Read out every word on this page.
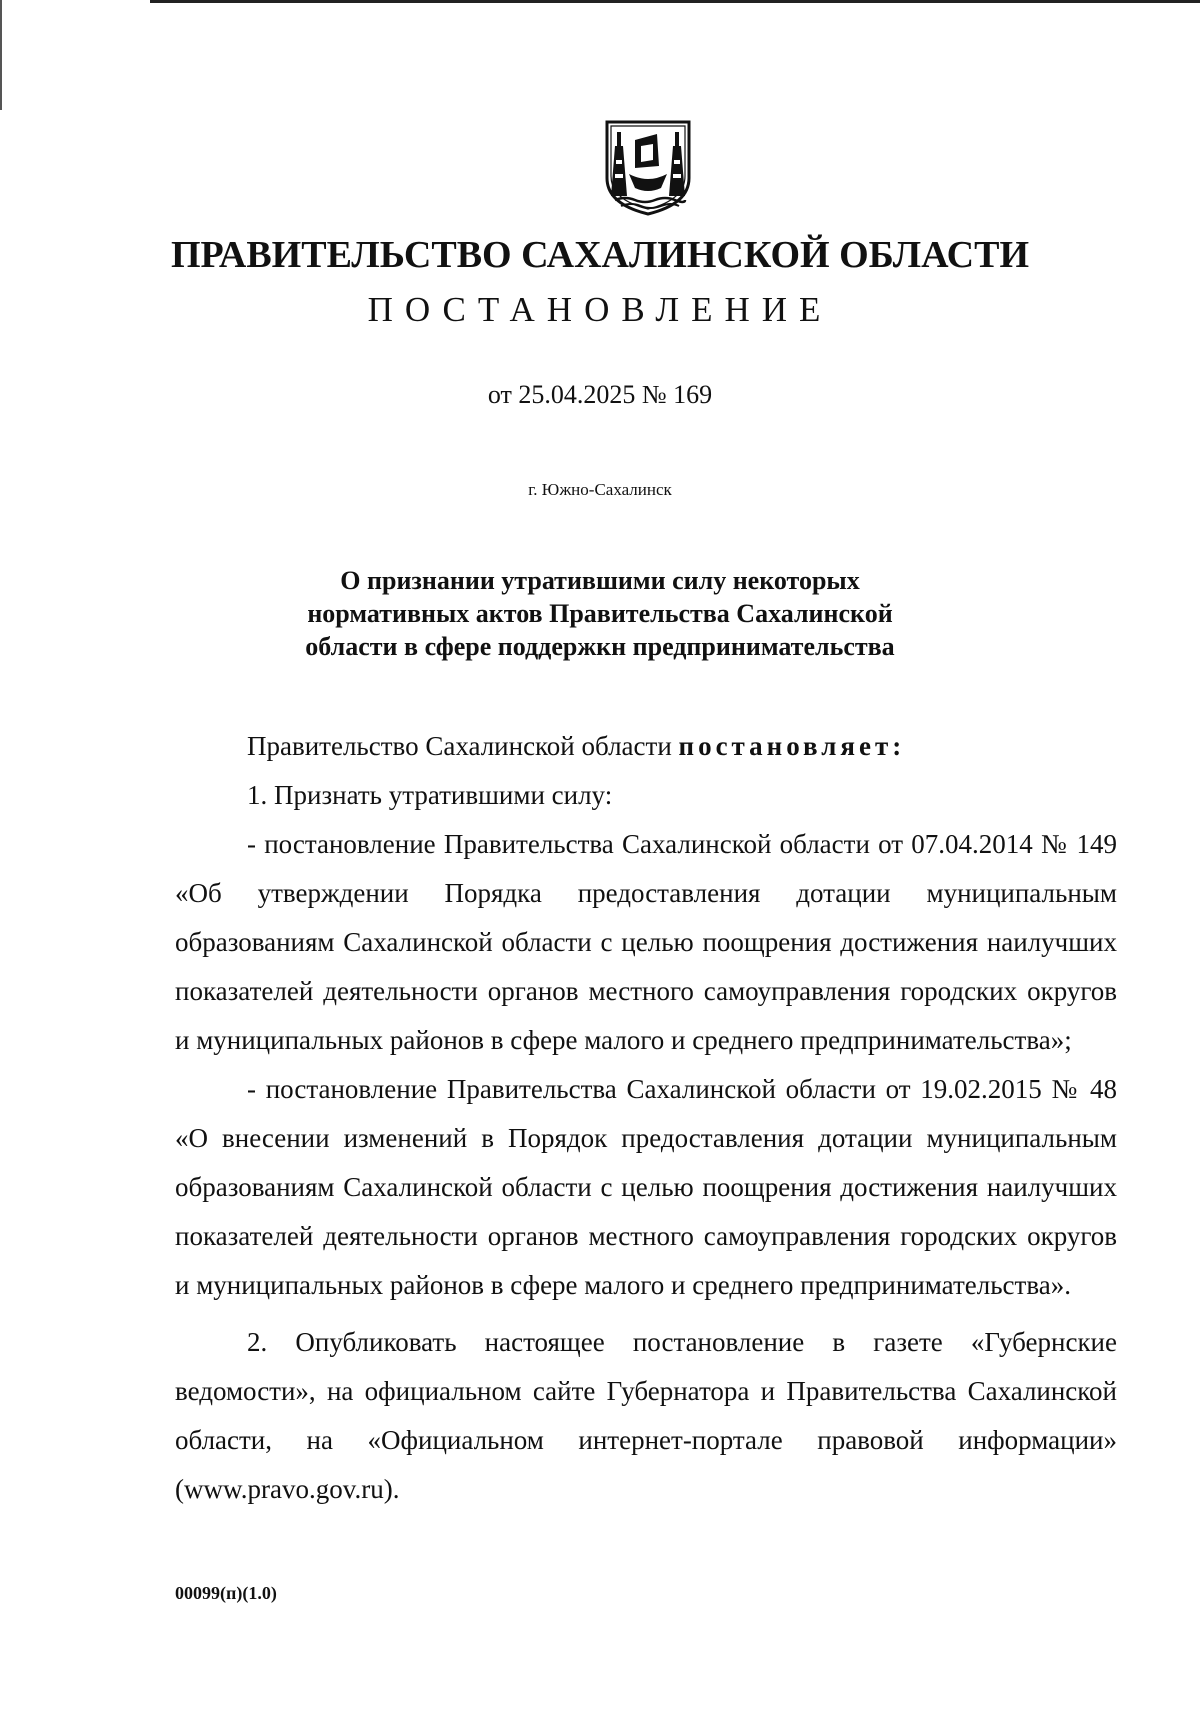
ПРАВИТЕЛЬСТВО САХАЛИНСКОЙ ОБЛАСТИ
ПОСТАНОВЛЕНИЕ
от 25.04.2025 № 169
г. Южно-Сахалинск
О признании утратившими силу некоторых
нормативных актов Правительства Сахалинской
области в сфере поддержкн предпринимательства

Правительство Сахалинской области постановляет:

1. Признать утратившими силу:

- постановление Правительства Сахалинской области от 07.04.2014 № 149 «Об утверждении Порядка предоставления дотации муниципальным образованиям Сахалинской области с целью поощрения достижения наилучших показателей деятельности органов местного самоуправления городских округов и муниципальных районов в сфере малого и среднего предпринимательства»;

- постановление Правительства Сахалинской области от 19.02.2015 № 48 «О внесении изменений в Порядок предоставления дотации муниципальным образованиям Сахалинской области с целью поощрения достижения наилучших показателей деятельности органов местного самоуправления городских округов и муниципальных районов в сфере малого и среднего предпринимательства».

2. Опубликовать настоящее постановление в газете «Губернские ведомости», на официальном сайте Губернатора и Правительства Сахалинской области, на «Официальном интернет-портале правовой информации» (www.pravo.gov.ru).

00099(п)(1.0)
